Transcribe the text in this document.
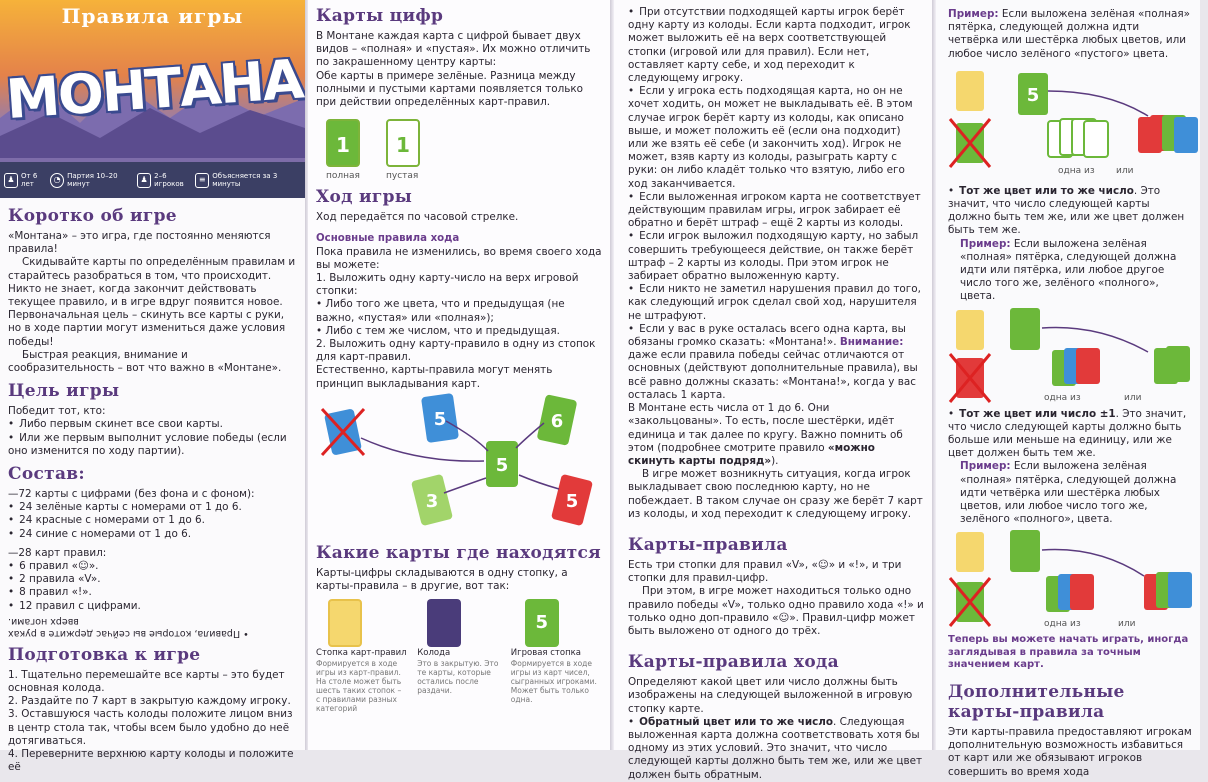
Правила игры
МОНТАНА
♟ От 6 лет	◔ Партия 10–20 минут	♟ 2–6 игроков	≡ Объясняется за 3 минуты
Коротко об игре

«Монтана» – это игра, где постоянно меняются правила!

Скидывайте карты по определённым правилам и старайтесь разобраться в том, что происходит.

Никто не знает, когда закончит действовать текущее правило, и в игре вдруг появится новое. Первоначальная цель – скинуть все карты с руки, но в ходе партии могут измениться даже условия победы!

Быстрая реакция, внимание и сообразительность – вот что важно в «Монтане».

Цель игры

Победит тот, кто:

• Либо первым скинет все свои карты.
• Или же первым выполнит условие победы (если оно изменится по ходу партии).
Состав:

—72 карты с цифрами (без фона и с фоном):

• 24 зелёные карты с номерами от 1 до 6.
• 24 красные с номерами от 1 до 6.
• 24 синие с номерами от 1 до 6.

—28 карт правил:

• 6 правил «☺».
• 2 правила «V».
• 8 правил «!».
• 12 правил с цифрами.

• Правила, которые вы сейчас держите в руках

вверх ногами.

Подготовка к игре

1. Тщательно перемешайте все карты – это будет основная колода.

2. Раздайте по 7 карт в закрытую каждому игроку.

3. Оставшуюся часть колоды положите лицом вниз в центр стола так, чтобы всем было удобно до неё дотягиваться.

4. Переверните верхнюю карту колоды и положите её

Карты цифр

В Монтане каждая карта с цифрой бывает двух видов – «полная» и «пустая». Их можно отличить по закрашенному центру карты:

Обе карты в примере зелёные. Разница между полными и пустыми картами появляется только при действии определённых карт-правил.

1
полная
1
пустая
Ход игры

Ход передаётся по часовой стрелке.

Основные правила хода

Пока правила не изменились, во время своего хода вы можете:

1. Выложить одну карту-число на верх игровой стопки:

• Либо того же цвета, что и предыдущая (не важно, «пустая» или «полная»);

• Либо с тем же числом, что и предыдущая.

2. Выложить одну карту-правило в одну из стопок для карт-правил.

Естественно, карты-правила могут менять принцип выкладывания карт.

5	6
5
3	5
Какие карты где находятся

Карты-цифры складываются в одну стопку, а карты-правила – в другие, вот так:

Стопка карт-правил

Формируется в ходе игры из карт-правил. На столе может быть шесть таких стопок – с правилами разных категорий

Колода

Это в закрытую. Это те карты, которые остались после раздачи.

5

Игровая стопка

Формируется в ходе игры из карт чисел, сыгранных игроками. Может быть только одна.

• При отсутствии подходящей карты игрок берёт одну карту из колоды. Если карта подходит, игрок может выложить её на верх соответствующей стопки (игровой или для правил). Если нет, оставляет карту себе, и ход переходит к следующему игроку.
• Если у игрока есть подходящая карта, но он не хочет ходить, он может не выкладывать её. В этом случае игрок берёт карту из колоды, как описано выше, и может положить её (если она подходит) или же взять её себе (и закончить ход). Игрок не может, взяв карту из колоды, разыграть карту с руки: он либо кладёт только что взятую, либо его ход заканчивается.
• Если выложенная игроком карта не соответствует действующим правилам игры, игрок забирает её обратно и берёт штраф – ещё 2 карты из колоды.
• Если игрок выложил подходящую карту, но забыл совершить требующееся действие, он также берёт штраф – 2 карты из колоды. При этом игрок не забирает обратно выложенную карту.
• Если никто не заметил нарушения правил до того, как следующий игрок сделал свой ход, нарушителя не штрафуют.
• Если у вас в руке осталась всего одна карта, вы обязаны громко сказать: «Монтана!». Внимание: даже если правила победы сейчас отличаются от основных (действуют дополнительные правила), вы всё равно должны сказать: «Монтана!», когда у вас осталась 1 карта.

В Монтане есть числа от 1 до 6. Они «закольцованы». То есть, после шестёрки, идёт единица и так далее по кругу. Важно помнить об этом (подробнее смотрите правило «можно скинуть карты подряд»).

В игре может возникнуть ситуация, когда игрок выкладывает свою последнюю карту, но не побеждает. В таком случае он сразу же берёт 7 карт из колоды, и ход переходит к следующему игроку.

Карты-правила

Есть три стопки для правил «V», «☺» и «!», и три стопки для правил-цифр.

При этом, в игре может находиться только одно правило победы «V», только одно правило хода «!» и только одно доп-правило «☺». Правил-цифр может быть выложено от одного до трёх.

Карты-правила хода

Определяют какой цвет или число должны быть изображены на следующей выложенной в игровую стопку карте.

• Обратный цвет или то же число. Следующая выложенная карта должна соответствовать хотя бы одному из этих условий. Это значит, что число следующей карты должно быть тем же, или же цвет должен быть обратным.

Пример: Если выложена зелёная «полная» пятёрка, следующей должна идти четвёрка или шестёрка любых цветов, или любое число зелёного «пустого» цвета.

5
одна из или
• Тот же цвет или то же число. Это значит, что число следующей карты должно быть тем же, или же цвет должен быть тем же.

Пример: Если выложена зелёная «полная» пятёрка, следующей должна идти или пятёрка, или любое другое число того же, зелёного «полного», цвета.

одна из	или
• Тот же цвет или число ±1. Это значит, что число следующей карты должно быть больше или меньше на единицу, или же цвет должен быть тем же.

Пример: Если выложена зелёная «полная» пятёрка, следующей должна идти четвёрка или шестёрка любых цветов, или любое число того же, зелёного «полного», цвета.

одна из	или

Теперь вы можете начать играть, иногда заглядывая в правила за точным значением карт.

Дополнительные карты-правила

Эти карты-правила предоставляют игрокам дополнительную возможность избавиться от карт или же обязывают игроков совершить во время хода
